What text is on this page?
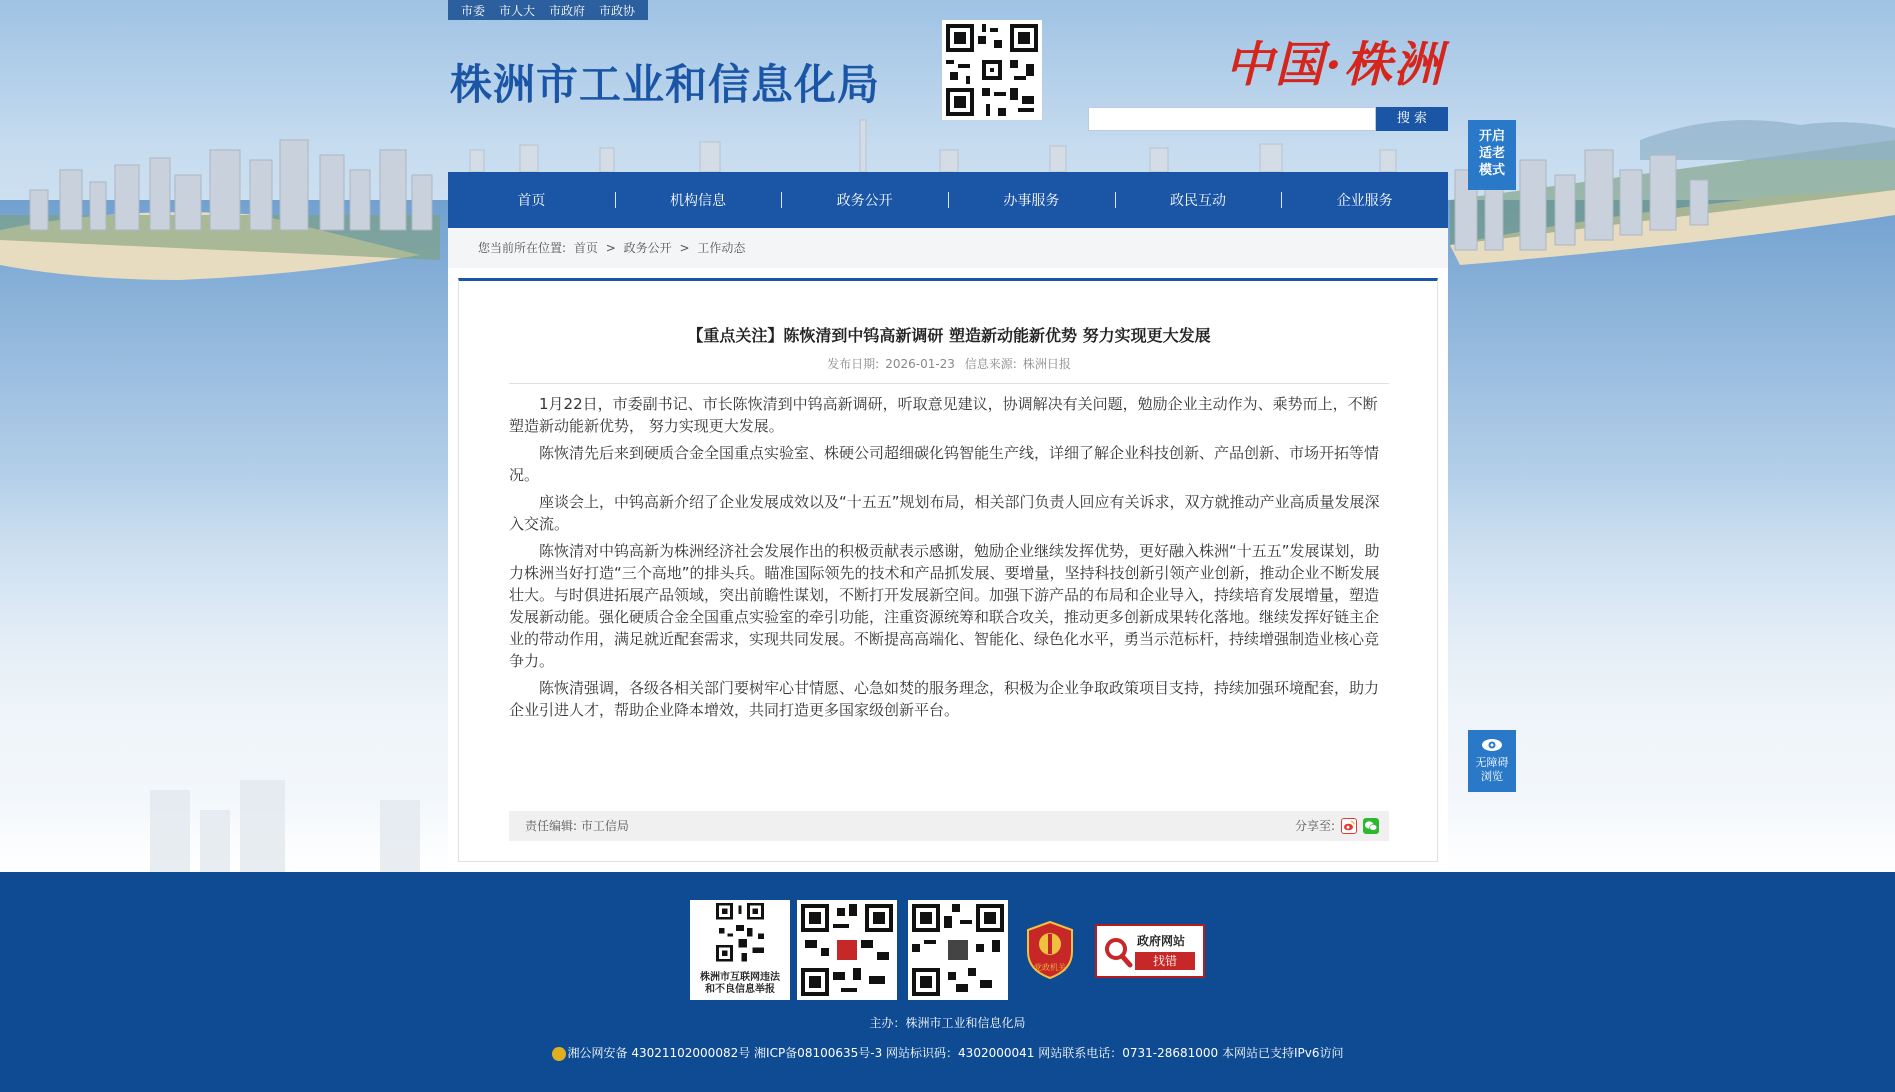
市委	市人大	市政府	市政协
株洲市工业和信息化局	中国·株洲
搜 索
开启
适老
模式
首页	机构信息	政务公开	办事服务	政民互动	企业服务
您当前所在位置: 首页 > 政务公开 > 工作动态
【重点关注】陈恢清到中钨高新调研 塑造新动能新优势 努力实现更大发展
发布日期: 2026-01-23 信息来源: 株洲日报

1月22日，市委副书记、市长陈恢清到中钨高新调研，听取意见建议，协调解决有关问题，勉励企业主动作为、乘势而上，不断塑造新动能新优势， 努力实现更大发展。

陈恢清先后来到硬质合金全国重点实验室、株硬公司超细碳化钨智能生产线，详细了解企业科技创新、产品创新、市场开拓等情况。

座谈会上，中钨高新介绍了企业发展成效以及“十五五”规划布局，相关部门负责人回应有关诉求，双方就推动产业高质量发展深入交流。

陈恢清对中钨高新为株洲经济社会发展作出的积极贡献表示感谢，勉励企业继续发挥优势，更好融入株洲“十五五”发展谋划，助力株洲当好打造“三个高地”的排头兵。瞄准国际领先的技术和产品抓发展、要增量，坚持科技创新引领产业创新，推动企业不断发展壮大。与时俱进拓展产品领域，突出前瞻性谋划，不断打开发展新空间。加强下游产品的布局和企业导入，持续培育发展增量，塑造发展新动能。强化硬质合金全国重点实验室的牵引功能，注重资源统筹和联合攻关，推动更多创新成果转化落地。继续发挥好链主企业的带动作用，满足就近配套需求，实现共同发展。不断提高高端化、智能化、绿色化水平，勇当示范标杆，持续增强制造业核心竞争力。

陈恢清强调，各级各相关部门要树牢心甘情愿、心急如焚的服务理念，积极为企业争取政策项目支持，持续加强环境配套，助力企业引进人才，帮助企业降本增效，共同打造更多国家级创新平台。

责任编辑: 市工信局	分享至:
无障碍
浏览
株洲市互联网违法
和不良信息举报
党政机关
政府网站
找错
主办：株洲市工业和信息化局
湘公网安备 43021102000082号 湘ICP备08100635号-3 网站标识码：4302000041 网站联系电话：0731-28681000 本网站已支持IPv6访问
